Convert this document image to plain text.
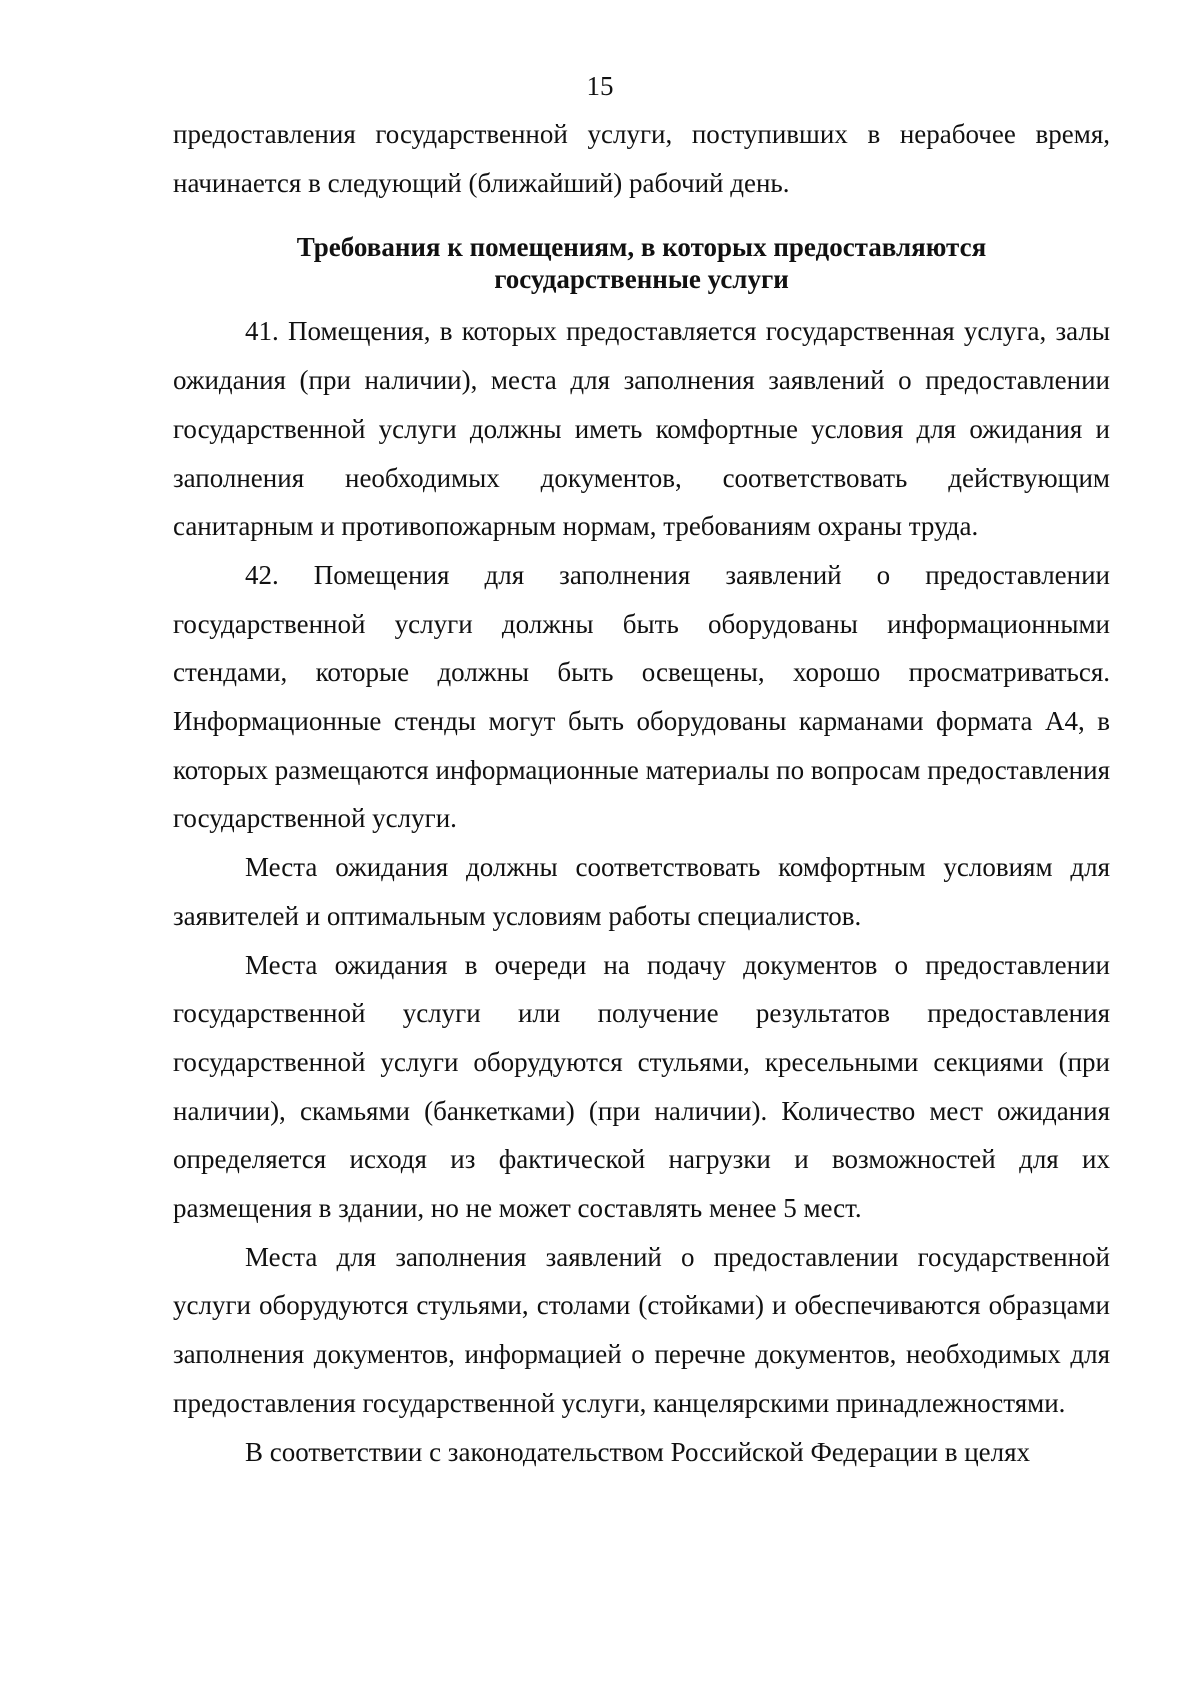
15

предоставления государственной услуги, поступивших в нерабочее время, начинается в следующий (ближайший) рабочий день.

Требования к помещениям, в которых предоставляются
государственные услуги

41. Помещения, в которых предоставляется государственная услуга, залы ожидания (при наличии), места для заполнения заявлений о предоставлении государственной услуги должны иметь комфортные условия для ожидания и заполнения необходимых документов, соответствовать действующим санитарным и противопожарным нормам, требованиям охраны труда.

42. Помещения для заполнения заявлений о предоставлении государственной услуги должны быть оборудованы информационными стендами, которые должны быть освещены, хорошо просматриваться. Информационные стенды могут быть оборудованы карманами формата А4, в которых размещаются информационные материалы по вопросам предоставления государственной услуги.

Места ожидания должны соответствовать комфортным условиям для заявителей и оптимальным условиям работы специалистов.

Места ожидания в очереди на подачу документов о предоставлении государственной услуги или получение результатов предоставления государственной услуги оборудуются стульями, кресельными секциями (при наличии), скамьями (банкетками) (при наличии). Количество мест ожидания определяется исходя из фактической нагрузки и возможностей для их размещения в здании, но не может составлять менее 5 мест.

Места для заполнения заявлений о предоставлении государственной услуги оборудуются стульями, столами (стойками) и обеспечиваются образцами заполнения документов, информацией о перечне документов, необходимых для предоставления государственной услуги, канцелярскими принадлежностями.

В соответствии с законодательством Российской Федерации в целях
